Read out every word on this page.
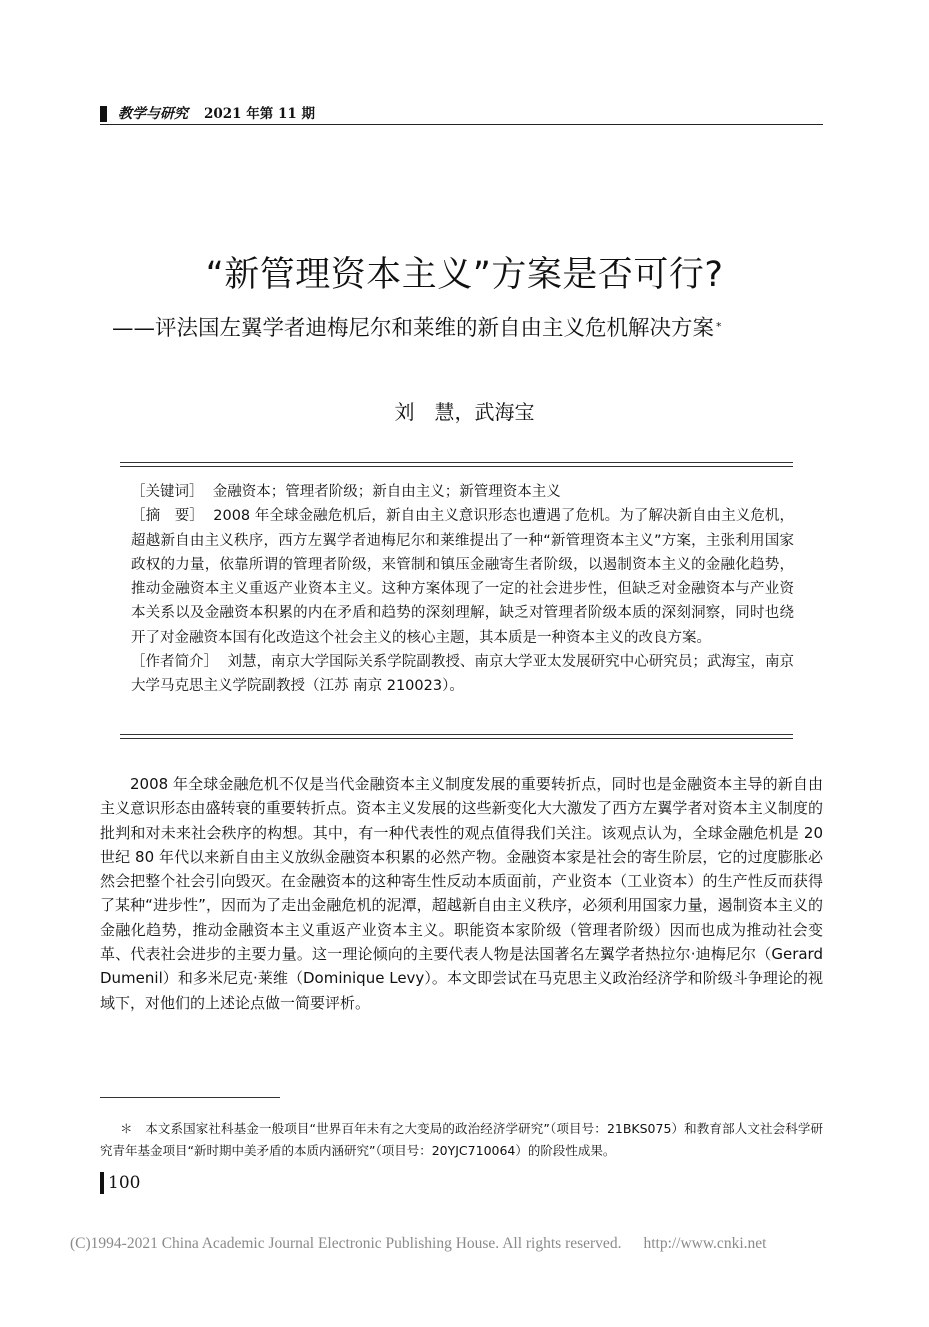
教学与研究 2021 年第 11 期
“新管理资本主义”方案是否可行?
——评法国左翼学者迪梅尼尔和莱维的新自由主义危机解决方案 *
刘　慧，武海宝

［关键词］ 金融资本；管理者阶级；新自由主义；新管理资本主义

［摘　要］ 2008 年全球金融危机后，新自由主义意识形态也遭遇了危机。为了解决新自由主义危机，超越新自由主义秩序，西方左翼学者迪梅尼尔和莱维提出了一种“新管理资本主义”方案，主张利用国家政权的力量，依靠所谓的管理者阶级，来管制和镇压金融寄生者阶级，以遏制资本主义的金融化趋势，推动金融资本主义重返产业资本主义。这种方案体现了一定的社会进步性，但缺乏对金融资本与产业资本关系以及金融资本积累的内在矛盾和趋势的深刻理解，缺乏对管理者阶级本质的深刻洞察，同时也绕开了对金融资本国有化改造这个社会主义的核心主题，其本质是一种资本主义的改良方案。

［作者简介］ 刘慧，南京大学国际关系学院副教授、南京大学亚太发展研究中心研究员；武海宝，南京大学马克思主义学院副教授（江苏 南京 210023）。

2008 年全球金融危机不仅是当代金融资本主义制度发展的重要转折点，同时也是金融资本主导的新自由主义意识形态由盛转衰的重要转折点。资本主义发展的这些新变化大大激发了西方左翼学者对资本主义制度的批判和对未来社会秩序的构想。其中，有一种代表性的观点值得我们关注。该观点认为，全球金融危机是 20 世纪 80 年代以来新自由主义放纵金融资本积累的必然产物。金融资本家是社会的寄生阶层，它的过度膨胀必然会把整个社会引向毁灭。在金融资本的这种寄生性反动本质面前，产业资本（工业资本）的生产性反而获得了某种“进步性”，因而为了走出金融危机的泥潭，超越新自由主义秩序，必须利用国家力量，遏制资本主义的金融化趋势，推动金融资本主义重返产业资本主义。职能资本家阶级（管理者阶级）因而也成为推动社会变革、代表社会进步的主要力量。这一理论倾向的主要代表人物是法国著名左翼学者热拉尔·迪梅尼尔（Gerard Dumenil）和多米尼克·莱维（Dominique Levy）。本文即尝试在马克思主义政治经济学和阶级斗争理论的视域下，对他们的上述论点做一简要评析。

＊　本文系国家社科基金一般项目“世界百年未有之大变局的政治经济学研究”（项目号：21BKS075）和教育部人文社会科学研究青年基金项目“新时期中美矛盾的本质内涵研究”（项目号：20YJC710064）的阶段性成果。

100
(C)1994-2021 China Academic Journal Electronic Publishing House. All rights reserved. http://www.cnki.net
